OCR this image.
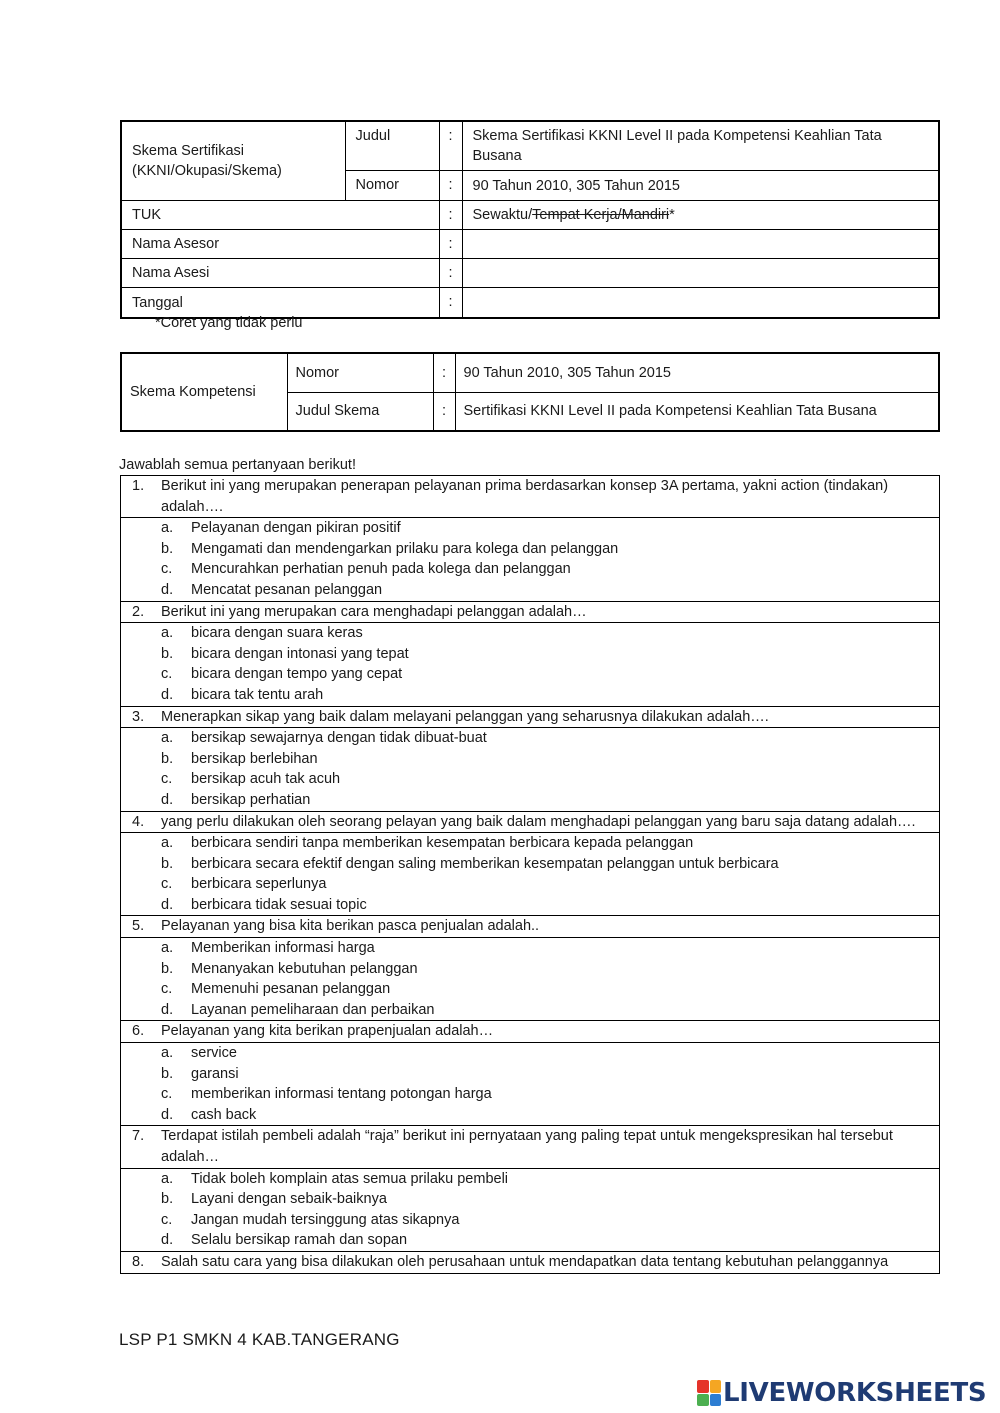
Skema Sertifikasi (KKNI/Okupasi/Skema)	Judul	:	Skema Sertifikasi KKNI Level II pada Kompetensi Keahlian Tata Busana
	Nomor	:	90 Tahun 2010, 305 Tahun 2015
TUK		:	Sewaktu/Tempat Kerja/Mandiri*
Nama Asesor		:	
Nama Asesi		:	
Tanggal		:	
*Coret yang tidak perlu
Skema Kompetensi	Nomor	:	90 Tahun 2010, 305 Tahun 2015
	Judul Skema	:	Sertifikasi KKNI Level II pada Kompetensi Keahlian Tata Busana
Jawablah semua pertanyaan berikut!
1. Berikut ini yang merupakan penerapan pelayanan prima berdasarkan konsep 3A pertama, yakni action (tindakan) adalah….

a. Pelayanan dengan pikiran positif
b. Mengamati dan mendengarkan prilaku para kolega dan pelanggan
c. Mencurahkan perhatian penuh pada kolega dan pelanggan
d. Mencatat pesanan pelanggan

2. Berikut ini yang merupakan cara menghadapi pelanggan adalah…

a. bicara dengan suara keras
b. bicara dengan intonasi yang tepat
c. bicara dengan tempo yang cepat
d. bicara tak tentu arah

3. Menerapkan sikap yang baik dalam melayani pelanggan yang seharusnya dilakukan adalah….

a. bersikap sewajarnya dengan tidak dibuat-buat
b. bersikap berlebihan
c. bersikap acuh tak acuh
d. bersikap perhatian

4. yang perlu dilakukan oleh seorang pelayan yang baik dalam menghadapi pelanggan yang baru saja datang adalah….

a. berbicara sendiri tanpa memberikan kesempatan berbicara kepada pelanggan
b. berbicara secara efektif dengan saling memberikan kesempatan pelanggan untuk berbicara
c. berbicara seperlunya
d. berbicara tidak sesuai topic

5. Pelayanan yang bisa kita berikan pasca penjualan adalah..

a. Memberikan informasi harga
b. Menanyakan kebutuhan pelanggan
c. Memenuhi pesanan pelanggan
d. Layanan pemeliharaan dan perbaikan

6. Pelayanan yang kita berikan prapenjualan adalah…

a. service
b. garansi
c. memberikan informasi tentang potongan harga
d. cash back

7. Terdapat istilah pembeli adalah “raja” berikut ini pernyataan yang paling tepat untuk mengekspresikan hal tersebut adalah…

a. Tidak boleh komplain atas semua prilaku pembeli
b. Layani dengan sebaik-baiknya
c. Jangan mudah tersinggung atas sikapnya
d. Selalu bersikap ramah dan sopan

8. Salah satu cara yang bisa dilakukan oleh perusahaan untuk mendapatkan data tentang kebutuhan pelanggannya
LSP P1 SMKN 4 KAB.TANGERANG
LIVEWORKSHEETS
